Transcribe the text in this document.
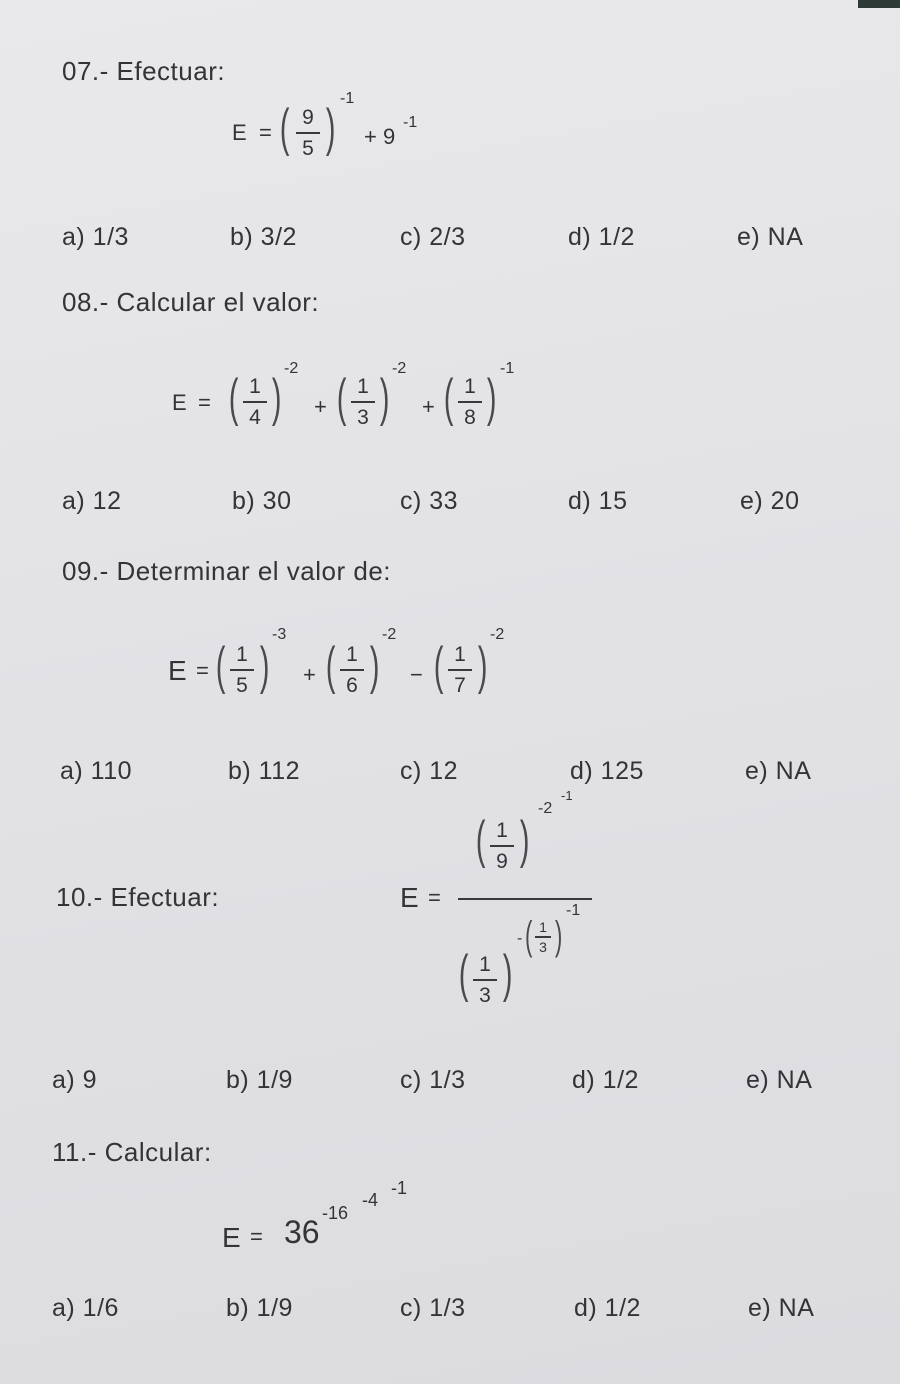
07.- Efectuar:
E = ( 9
5 )
-1
+ 9
-1
a) 1/3	b) 3/2	c) 2/3	d) 1/2	e) NA
08.- Calcular el valor:
E = ( 1
4 )
-2
+ ( 1
3 )
-2
+ ( 1
8 )
-1
a) 12	b) 30	c) 33	d) 15	e) 20
09.- Determinar el valor de:
E = ( 1
5 )
-3
+ ( 1
6 )
-2
− ( 1
7 )
-2
a) 110	b) 112	c) 12	d) 125	e) NA
10.- Efectuar:	E =
( 1
9 )
-2
-1
( 1
3 )
- ( 1
3 )
-1
a) 9	b) 1/9	c) 1/3	d) 1/2	e) NA
11.- Calcular:
E = 36
-16
-4
-1
a) 1/6	b) 1/9	c) 1/3	d) 1/2	e) NA
